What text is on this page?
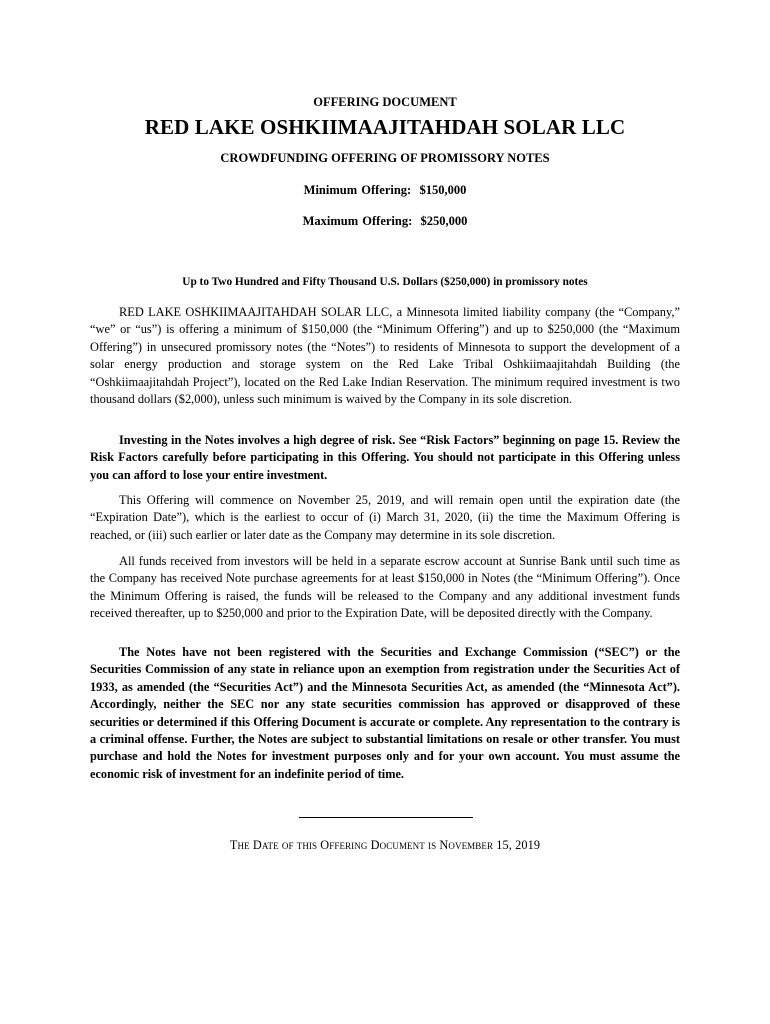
OFFERING DOCUMENT
RED LAKE OSHKIIMAAJITAHDAH SOLAR LLC
CROWDFUNDING OFFERING OF PROMISSORY NOTES
Minimum Offering:  $150,000
Maximum Offering:  $250,000
Up to Two Hundred and Fifty Thousand U.S. Dollars ($250,000) in promissory notes

RED LAKE OSHKIIMAAJITAHDAH SOLAR LLC, a Minnesota limited liability company (the “Company,” “we” or “us”) is offering a minimum of $150,000 (the “Minimum Offering”) and up to $250,000 (the “Maximum Offering”) in unsecured promissory notes (the “Notes”) to residents of Minnesota to support the development of a solar energy production and storage system on the Red Lake Tribal Oshkiimaajitahdah Building (the “Oshkiimaajitahdah Project”), located on the Red Lake Indian Reservation. The minimum required investment is two thousand dollars ($2,000), unless such minimum is waived by the Company in its sole discretion.

Investing in the Notes involves a high degree of risk. See “Risk Factors” beginning on page 15. Review the Risk Factors carefully before participating in this Offering. You should not participate in this Offering unless you can afford to lose your entire investment.

This Offering will commence on November 25, 2019, and will remain open until the expiration date (the “Expiration Date”), which is the earliest to occur of (i) March 31, 2020, (ii) the time the Maximum Offering is reached, or (iii) such earlier or later date as the Company may determine in its sole discretion.

All funds received from investors will be held in a separate escrow account at Sunrise Bank until such time as the Company has received Note purchase agreements for at least $150,000 in Notes (the “Minimum Offering”). Once the Minimum Offering is raised, the funds will be released to the Company and any additional investment funds received thereafter, up to $250,000 and prior to the Expiration Date, will be deposited directly with the Company.

The Notes have not been registered with the Securities and Exchange Commission (“SEC”) or the Securities Commission of any state in reliance upon an exemption from registration under the Securities Act of 1933, as amended (the “Securities Act”) and the Minnesota Securities Act, as amended (the “Minnesota Act”). Accordingly, neither the SEC nor any state securities commission has approved or disapproved of these securities or determined if this Offering Document is accurate or complete. Any representation to the contrary is a criminal offense. Further, the Notes are subject to substantial limitations on resale or other transfer. You must purchase and hold the Notes for investment purposes only and for your own account. You must assume the economic risk of investment for an indefinite period of time.

The Date of this Offering Document is November 15, 2019
